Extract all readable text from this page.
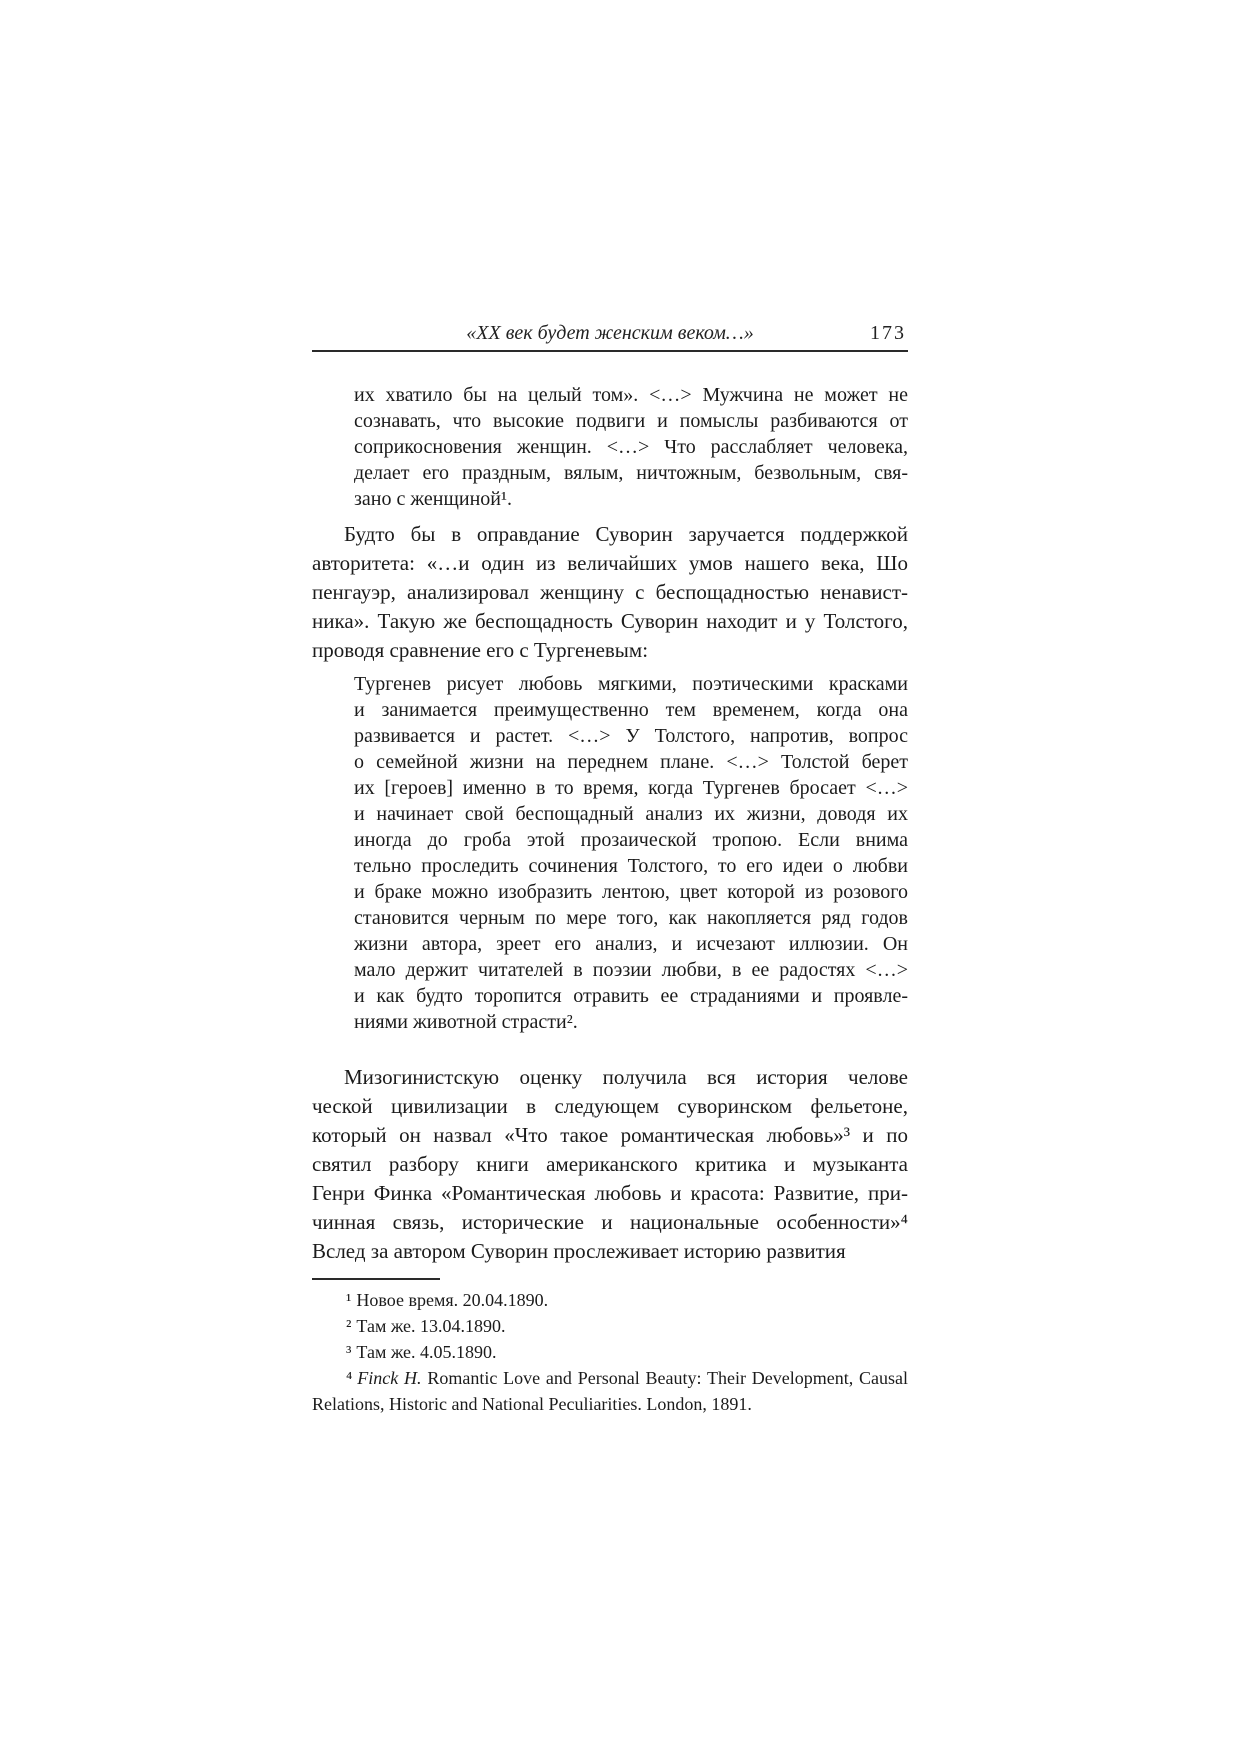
«XX век будет женским веком…»	173
их хватило бы на целый том». <…> Мужчина не может не
сознавать, что высокие подвиги и помыслы разбиваются от
соприкосновения женщин. <…> Что расслабляет человека,
делает его праздным, вялым, ничтожным, безвольным, свя-
зано с женщиной¹.
Будто бы в оправдание Суворин заручается поддержкой
авторитета: «…и один из величайших умов нашего века, Шо
пенгауэр, анализировал женщину с беспощадностью ненавист-
ника». Такую же беспощадность Суворин находит и у Толстого,
проводя сравнение его с Тургеневым:
Тургенев рисует любовь мягкими, поэтическими красками
и занимается преимущественно тем временем, когда она
развивается и растет. <…> У Толстого, напротив, вопрос
о семейной жизни на переднем плане. <…> Толстой берет
их [героев] именно в то время, когда Тургенев бросает <…>
и начинает свой беспощадный анализ их жизни, доводя их
иногда до гроба этой прозаической тропою. Если внима
тельно проследить сочинения Толстого, то его идеи о любви
и браке можно изобразить лентою, цвет которой из розового
становится черным по мере того, как накопляется ряд годов
жизни автора, зреет его анализ, и исчезают иллюзии. Он
мало держит читателей в поэзии любви, в ее радостях <…>
и как будто торопится отравить ее страданиями и проявле-
ниями животной страсти².
Мизогинистскую оценку получила вся история челове
ческой цивилизации в следующем суворинском фельетоне,
который он назвал «Что такое романтическая любовь»³ и по
святил разбору книги американского критика и музыканта
Генри Финка «Романтическая любовь и красота: Развитие, при-
чинная связь, исторические и национальные особенности»⁴
Вслед за автором Суворин прослеживает историю развития
¹ Новое время. 20.04.1890.
² Там же. 13.04.1890.
³ Там же. 4.05.1890.
⁴ Finck H. Romantic Love and Personal Beauty: Their Development, Causal
Relations, Historic and National Peculiarities. London, 1891.
